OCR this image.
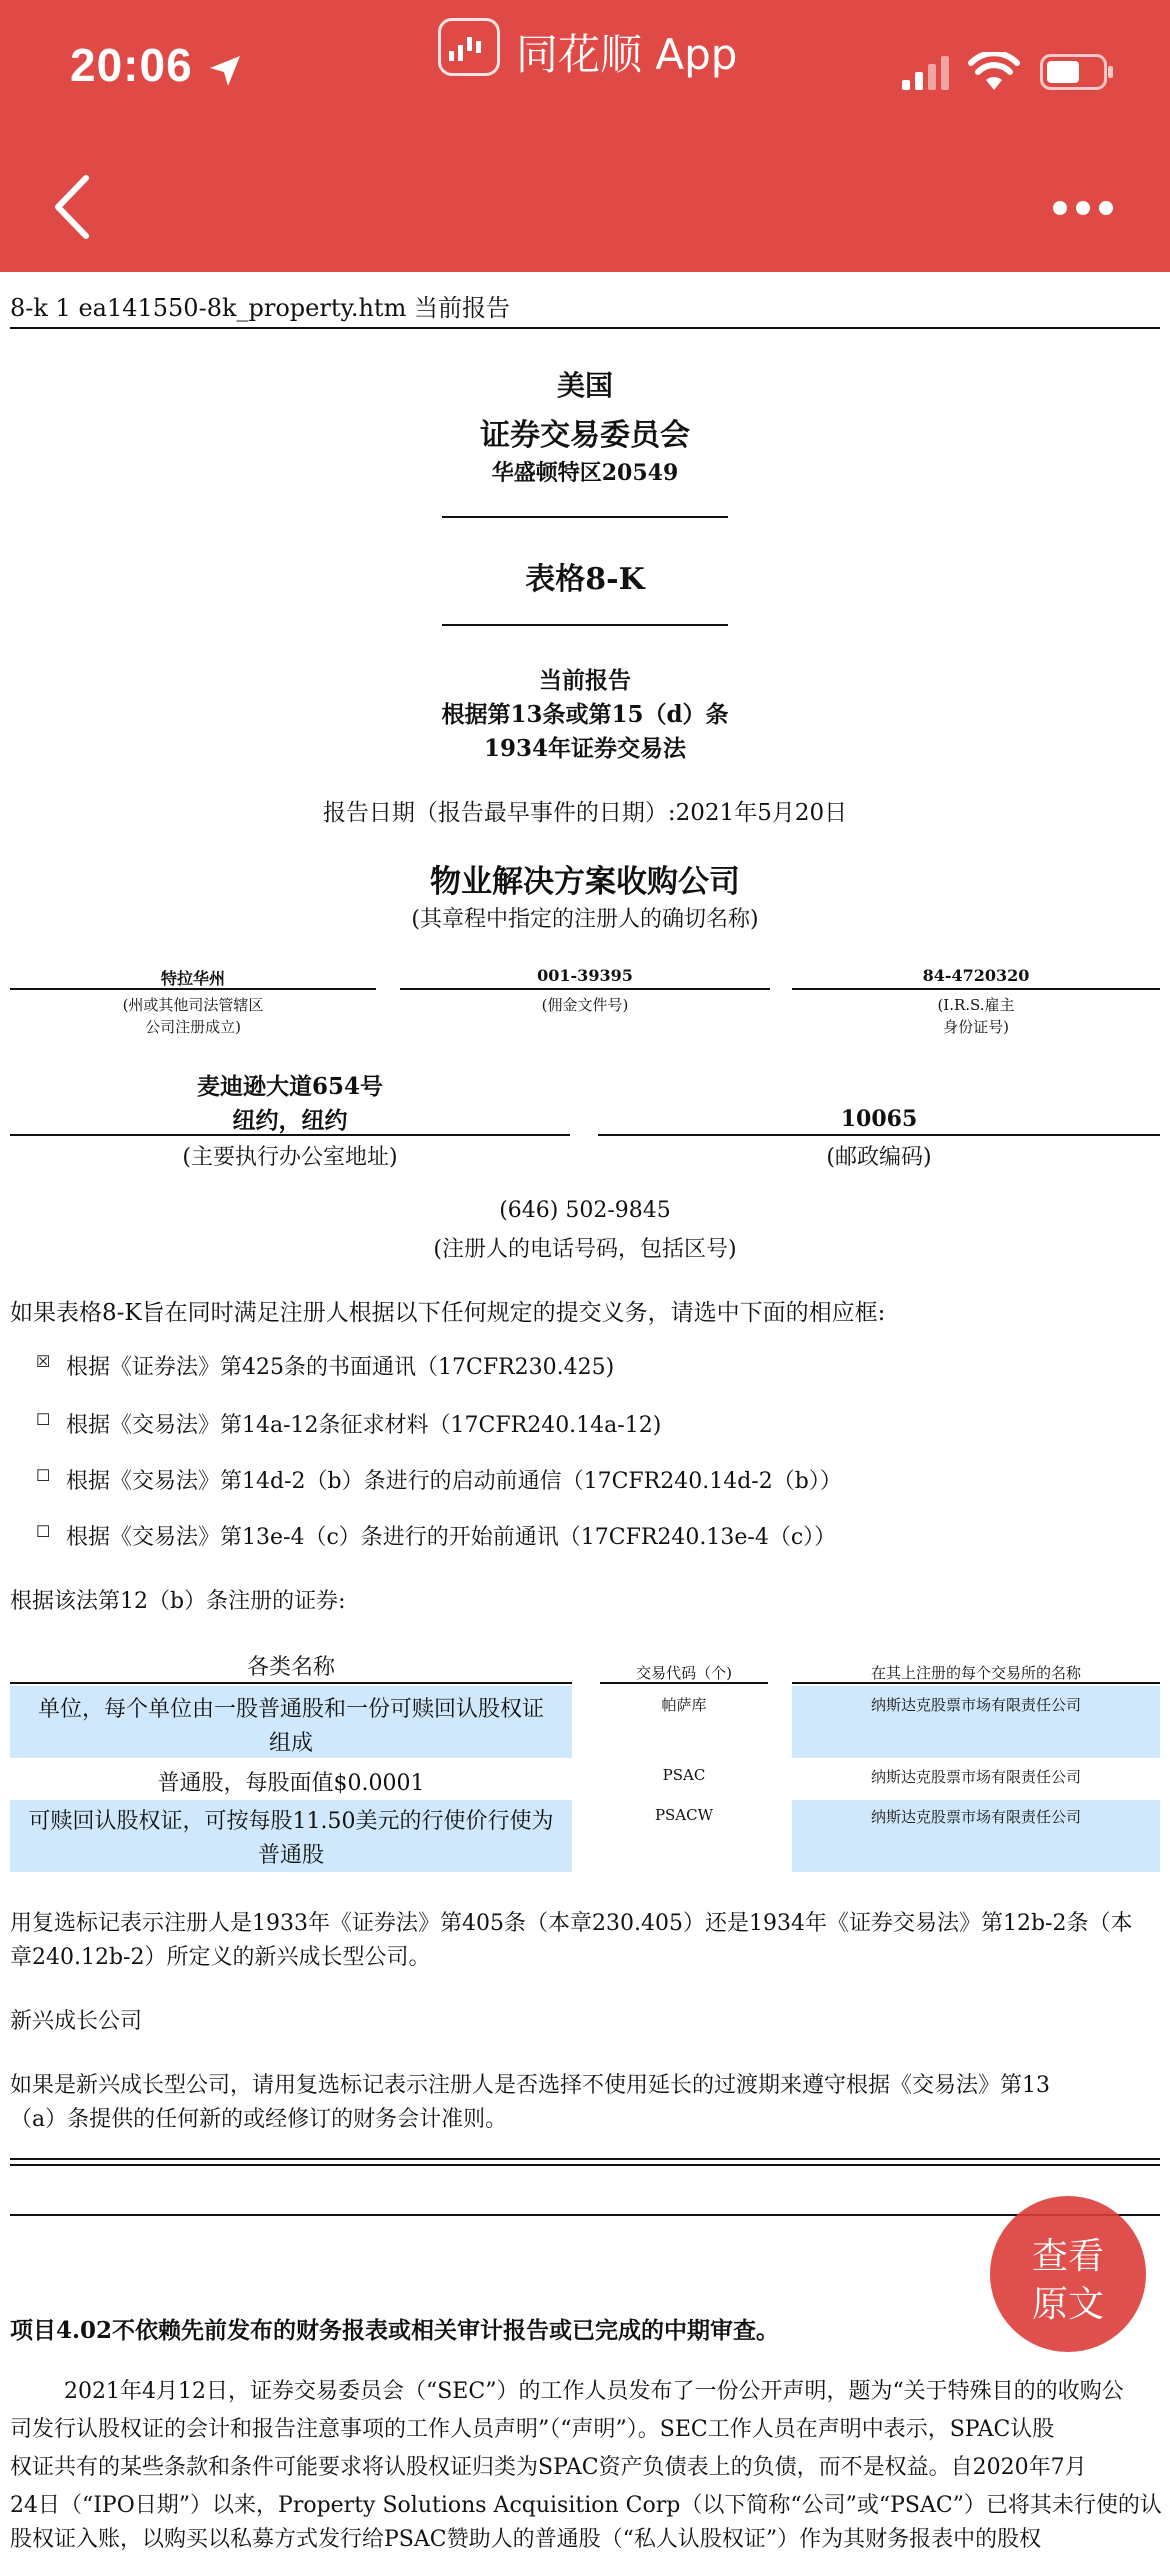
20:06	同花顺 App
8-k 1 ea141550-8k_property.htm 当前报告
美国
证券交易委员会
华盛顿特区20549
表格8-K
当前报告
根据第13条或第15（d）条
1934年证券交易法
报告日期（报告最早事件的日期）:2021年5月20日
物业解决方案收购公司
(其章程中指定的注册人的确切名称)
特拉华州
(州或其他司法管辖区
公司注册成立)
001-39395
(佣金文件号)
84-4720320
(I.R.S.雇主
身份证号)
麦迪逊大道654号
纽约，纽约
(主要执行办公室地址)
10065
(邮政编码)
(646) 502-9845
(注册人的电话号码，包括区号)
如果表格8-K旨在同时满足注册人根据以下任何规定的提交义务，请选中下面的相应框:
☒ 根据《证券法》第425条的书面通讯（17CFR230.425)
☐ 根据《交易法》第14a-12条征求材料（17CFR240.14a-12)
☐ 根据《交易法》第14d-2（b）条进行的启动前通信（17CFR240.14d-2（b））
☐ 根据《交易法》第13e-4（c）条进行的开始前通讯（17CFR240.13e-4（c））
根据该法第12（b）条注册的证券:
各类名称	交易代码（个)	在其上注册的每个交易所的名称
单位，每个单位由一股普通股和一份可赎回认股权证
组成
帕萨库	纳斯达克股票市场有限责任公司
普通股，每股面值$0.0001	PSAC	纳斯达克股票市场有限责任公司
可赎回认股权证，可按每股11.50美元的行使价行使为
普通股
PSACW	纳斯达克股票市场有限责任公司
用复选标记表示注册人是1933年《证券法》第405条（本章230.405）还是1934年《证券交易法》第12b-2条（本
章240.12b-2）所定义的新兴成长型公司。
新兴成长公司
如果是新兴成长型公司，请用复选标记表示注册人是否选择不使用延长的过渡期来遵守根据《交易法》第13
（a）条提供的任何新的或经修订的财务会计准则。
项目4.02不依赖先前发布的财务报表或相关审计报告或已完成的中期审查。
2021年4月12日，证券交易委员会（“SEC”）的工作人员发布了一份公开声明，题为“关于特殊目的的收购公
司发行认股权证的会计和报告注意事项的工作人员声明”（“声明”）。SEC工作人员在声明中表示，SPAC认股
权证共有的某些条款和条件可能要求将认股权证归类为SPAC资产负债表上的负债，而不是权益。自2020年7月
24日（“IPO日期”）以来，Property Solutions Acquisition Corp（以下简称“公司”或“PSAC”）已将其未行使的认
股权证入账，以购买以私募方式发行给PSAC赞助人的普通股（“私人认股权证”）作为其财务报表中的股权
查看
原文
